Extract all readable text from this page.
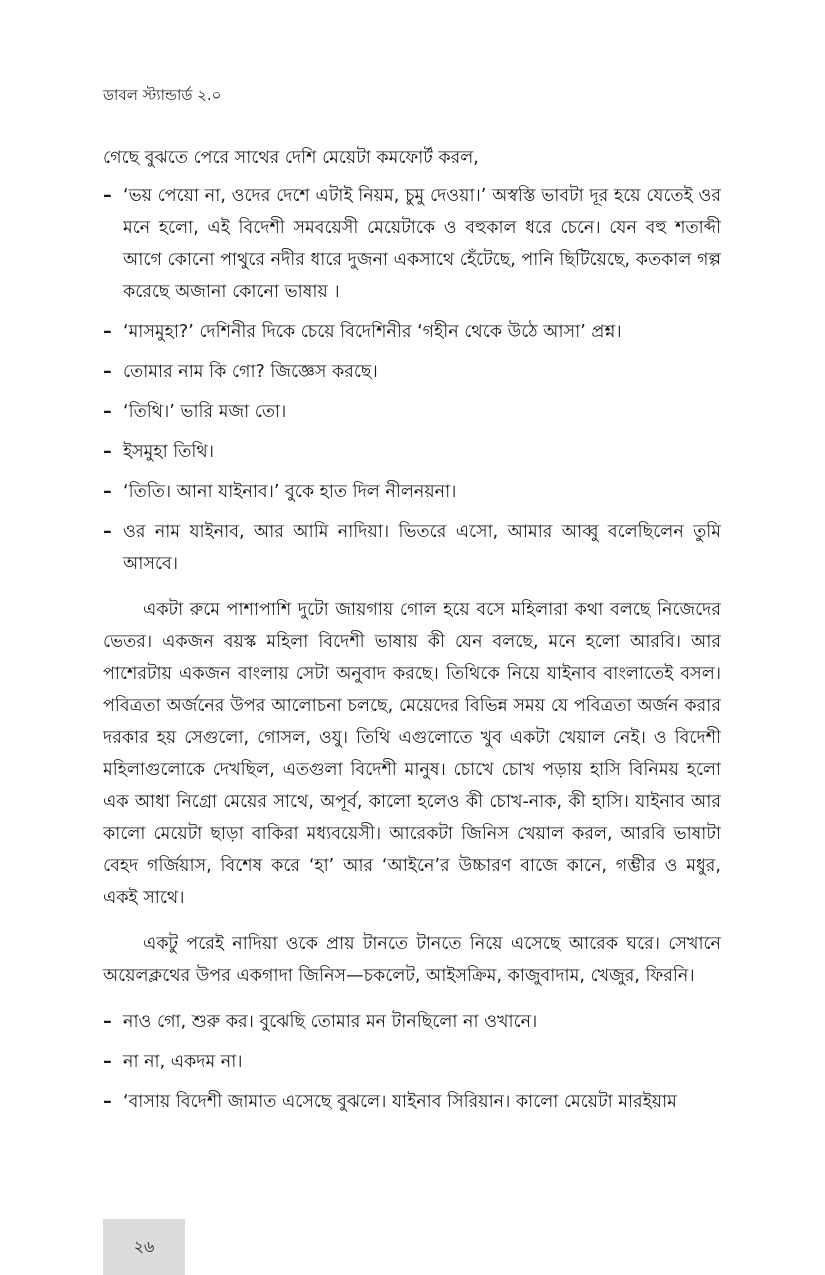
ডাবল স্ট্যান্ডার্ড ২.০

গেছে বুঝতে পেরে সাথের দেশি মেয়েটা কমফোর্ট করল,

– ‘ভয় পেয়ো না, ওদের দেশে এটাই নিয়ম, চুমু দেওয়া।’ অস্বস্তি ভাবটা দূর হয়ে যেতেই ওর মনে হলো, এই বিদেশী সমবয়েসী মেয়েটাকে ও বহুকাল ধরে চেনে। যেন বহু শতাব্দী আগে কোনো পাথুরে নদীর ধারে দুজনা একসাথে হেঁটেছে, পানি ছিটিয়েছে, কতকাল গল্প করেছে অজানা কোনো ভাষায় ।

– ‘মাসমুহা?’ দেশিনীর দিকে চেয়ে বিদেশিনীর ‘গহীন থেকে উঠে আসা’ প্রশ্ন।

– তোমার নাম কি গো? জিজ্ঞেস করছে।

– ‘তিথি।’ ভারি মজা তো।

– ইসমুহা তিথি।

– ‘তিতি। আনা যাইনাব।’ বুকে হাত দিল নীলনয়না।

– ওর নাম যাইনাব, আর আমি নাদিয়া। ভিতরে এসো, আমার আব্বু বলেছিলেন তুমি আসবে।

একটা রুমে পাশাপাশি দুটো জায়গায় গোল হয়ে বসে মহিলারা কথা বলছে নিজেদের ভেতর। একজন বয়স্ক মহিলা বিদেশী ভাষায় কী যেন বলছে, মনে হলো আরবি। আর পাশেরটায় একজন বাংলায় সেটা অনুবাদ করছে। তিথিকে নিয়ে যাইনাব বাংলাতেই বসল। পবিত্রতা অর্জনের উপর আলোচনা চলছে, মেয়েদের বিভিন্ন সময় যে পবিত্রতা অর্জন করার দরকার হয় সেগুলো, গোসল, ওযু। তিথি এগুলোতে খুব একটা খেয়াল নেই। ও বিদেশী মহিলাগুলোকে দেখছিল, এতগুলা বিদেশী মানুষ। চোখে চোখ পড়ায় হাসি বিনিময় হলো এক আধা নিগ্রো মেয়ের সাথে, অপূর্ব, কালো হলেও কী চোখ-নাক, কী হাসি। যাইনাব আর কালো মেয়েটা ছাড়া বাকিরা মধ্যবয়েসী। আরেকটা জিনিস খেয়াল করল, আরবি ভাষাটা বেহদ গর্জিয়াস, বিশেষ করে ‘হা’ আর ‘আইনে’র উচ্চারণ বাজে কানে, গম্ভীর ও মধুর, একই সাথে।

একটু পরেই নাদিয়া ওকে প্রায় টানতে টানতে নিয়ে এসেছে আরেক ঘরে। সেখানে অয়েলক্লথের উপর একগাদা জিনিস—চকলেট, আইসক্রিম, কাজুবাদাম, খেজুর, ফিরনি।

– নাও গো, শুরু কর। বুঝেছি তোমার মন টানছিলো না ওখানে।

– না না, একদম না।

– ‘বাসায় বিদেশী জামাত এসেছে বুঝলে। যাইনাব সিরিয়ান। কালো মেয়েটা মারইয়াম

২৬
